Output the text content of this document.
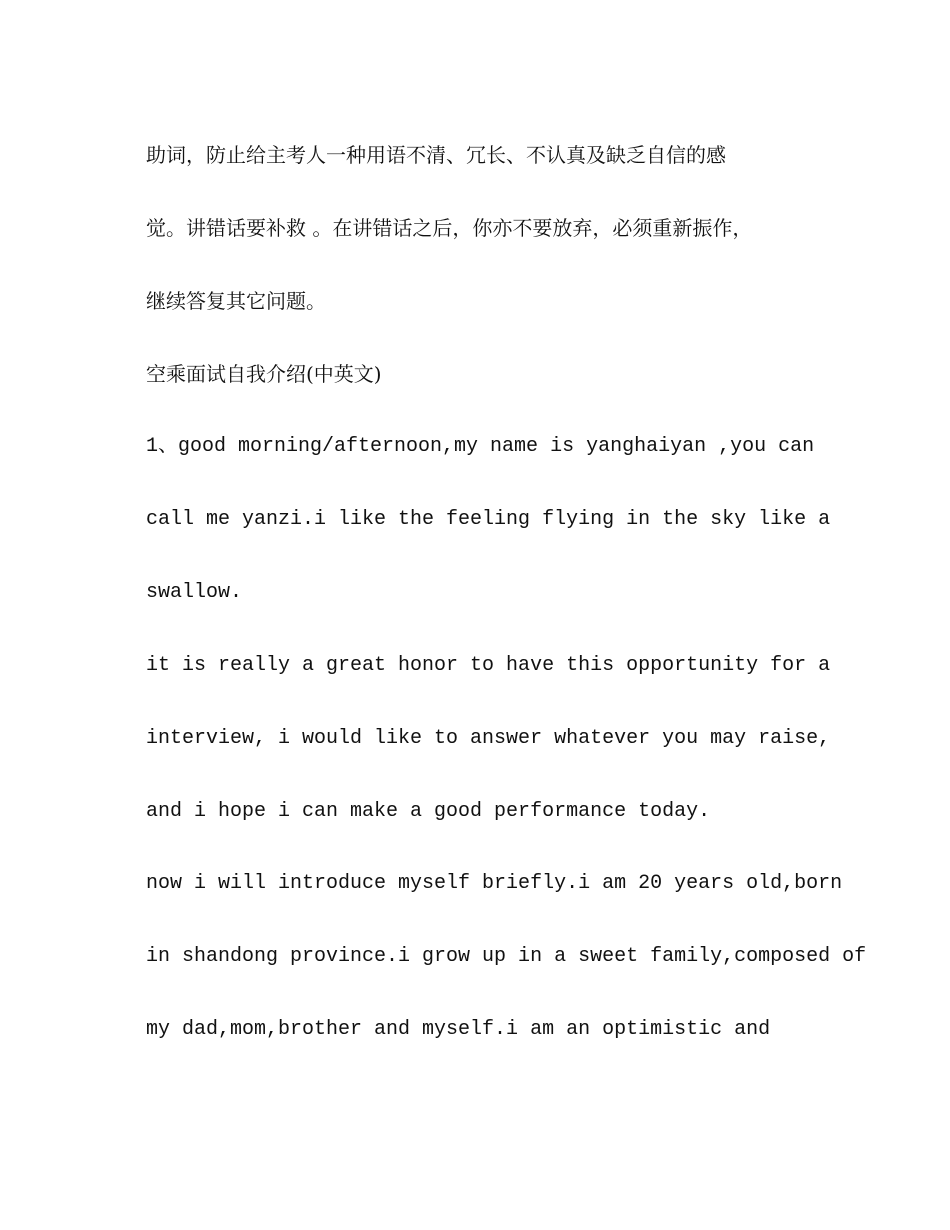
助词，防止给主考人一种用语不清、冗长、不认真及缺乏自信的感
觉。讲错话要补救 。在讲错话之后，你亦不要放弃，必须重新振作，
继续答复其它问题。
空乘面试自我介绍(中英文)
1、good morning/afternoon,my name is yanghaiyan ,you can
call me yanzi.i like the feeling flying in the sky like a
swallow.
it is really a great honor to have this opportunity for a
interview, i would like to answer whatever you may raise,
and i hope i can make a good performance today.
now i will introduce myself briefly.i am 20 years old,born
in shandong province.i grow up in a sweet family,composed of
my dad,mom,brother and myself.i am an optimistic and
